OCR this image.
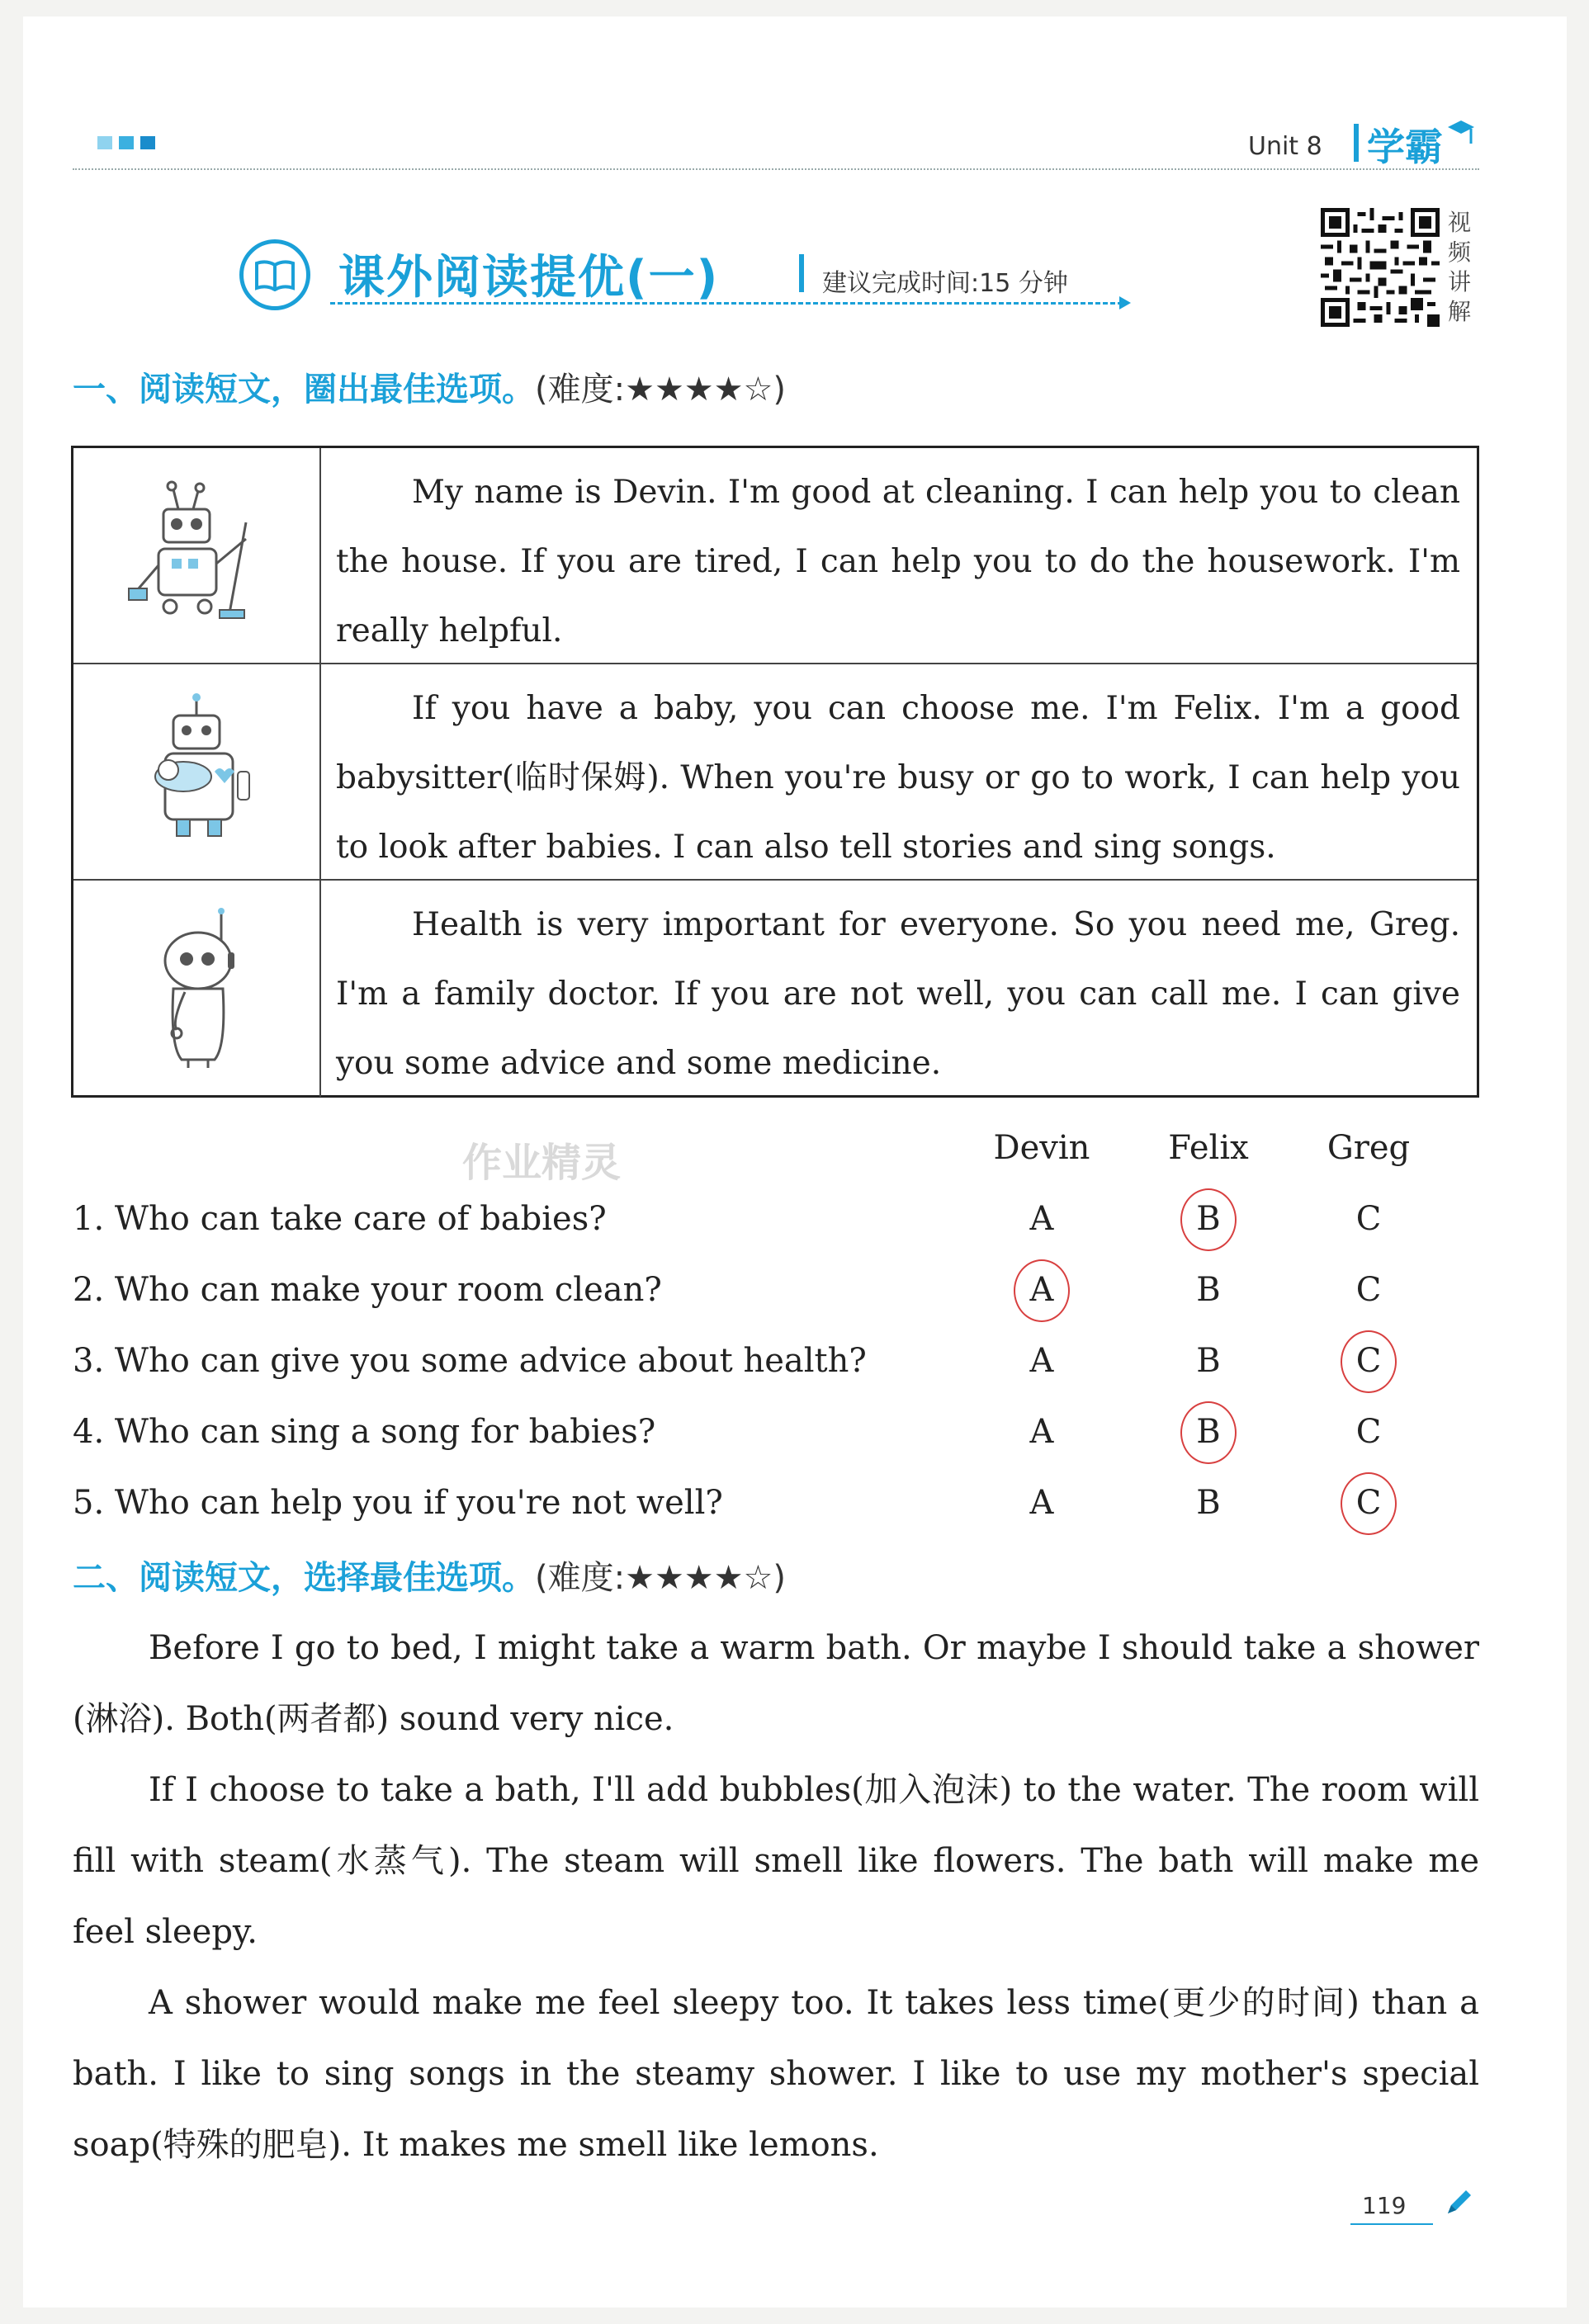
Unit 8 学霸
课外阅读提优(一)	建议完成时间:15 分钟
视
频
讲
解
一、阅读短文，圈出最佳选项。(难度:★★★★☆)
My name is Devin. I'm good at cleaning. I can help you to clean the house. If you are tired, I can help you to do the housework. I'm really helpful.
If you have a baby, you can choose me. I'm Felix. I'm a good babysitter(临时保姆). When you're busy or go to work, I can help you to look after babies. I can also tell stories and sing songs.
Health is very important for everyone. So you need me, Greg. I'm a family doctor. If you are not well, you can call me. I can give you some advice and some medicine.
作业精灵	Devin	Felix	Greg
1. Who can take care of babies?	A	B	C
2. Who can make your room clean?	A	B	C
3. Who can give you some advice about health?	A	B	C
4. Who can sing a song for babies?	A	B	C
5. Who can help you if you're not well?	A	B	C
二、阅读短文，选择最佳选项。(难度:★★★★☆)
Before I go to bed, I might take a warm bath. Or maybe I should take a shower (淋浴). Both(两者都) sound very nice.
If I choose to take a bath, I'll add bubbles(加入泡沫) to the water. The room will fill with steam(水蒸气). The steam will smell like flowers. The bath will make me feel sleepy.
A shower would make me feel sleepy too. It takes less time(更少的时间) than a bath. I like to sing songs in the steamy shower. I like to use my mother's special soap(特殊的肥皂). It makes me smell like lemons.
119
